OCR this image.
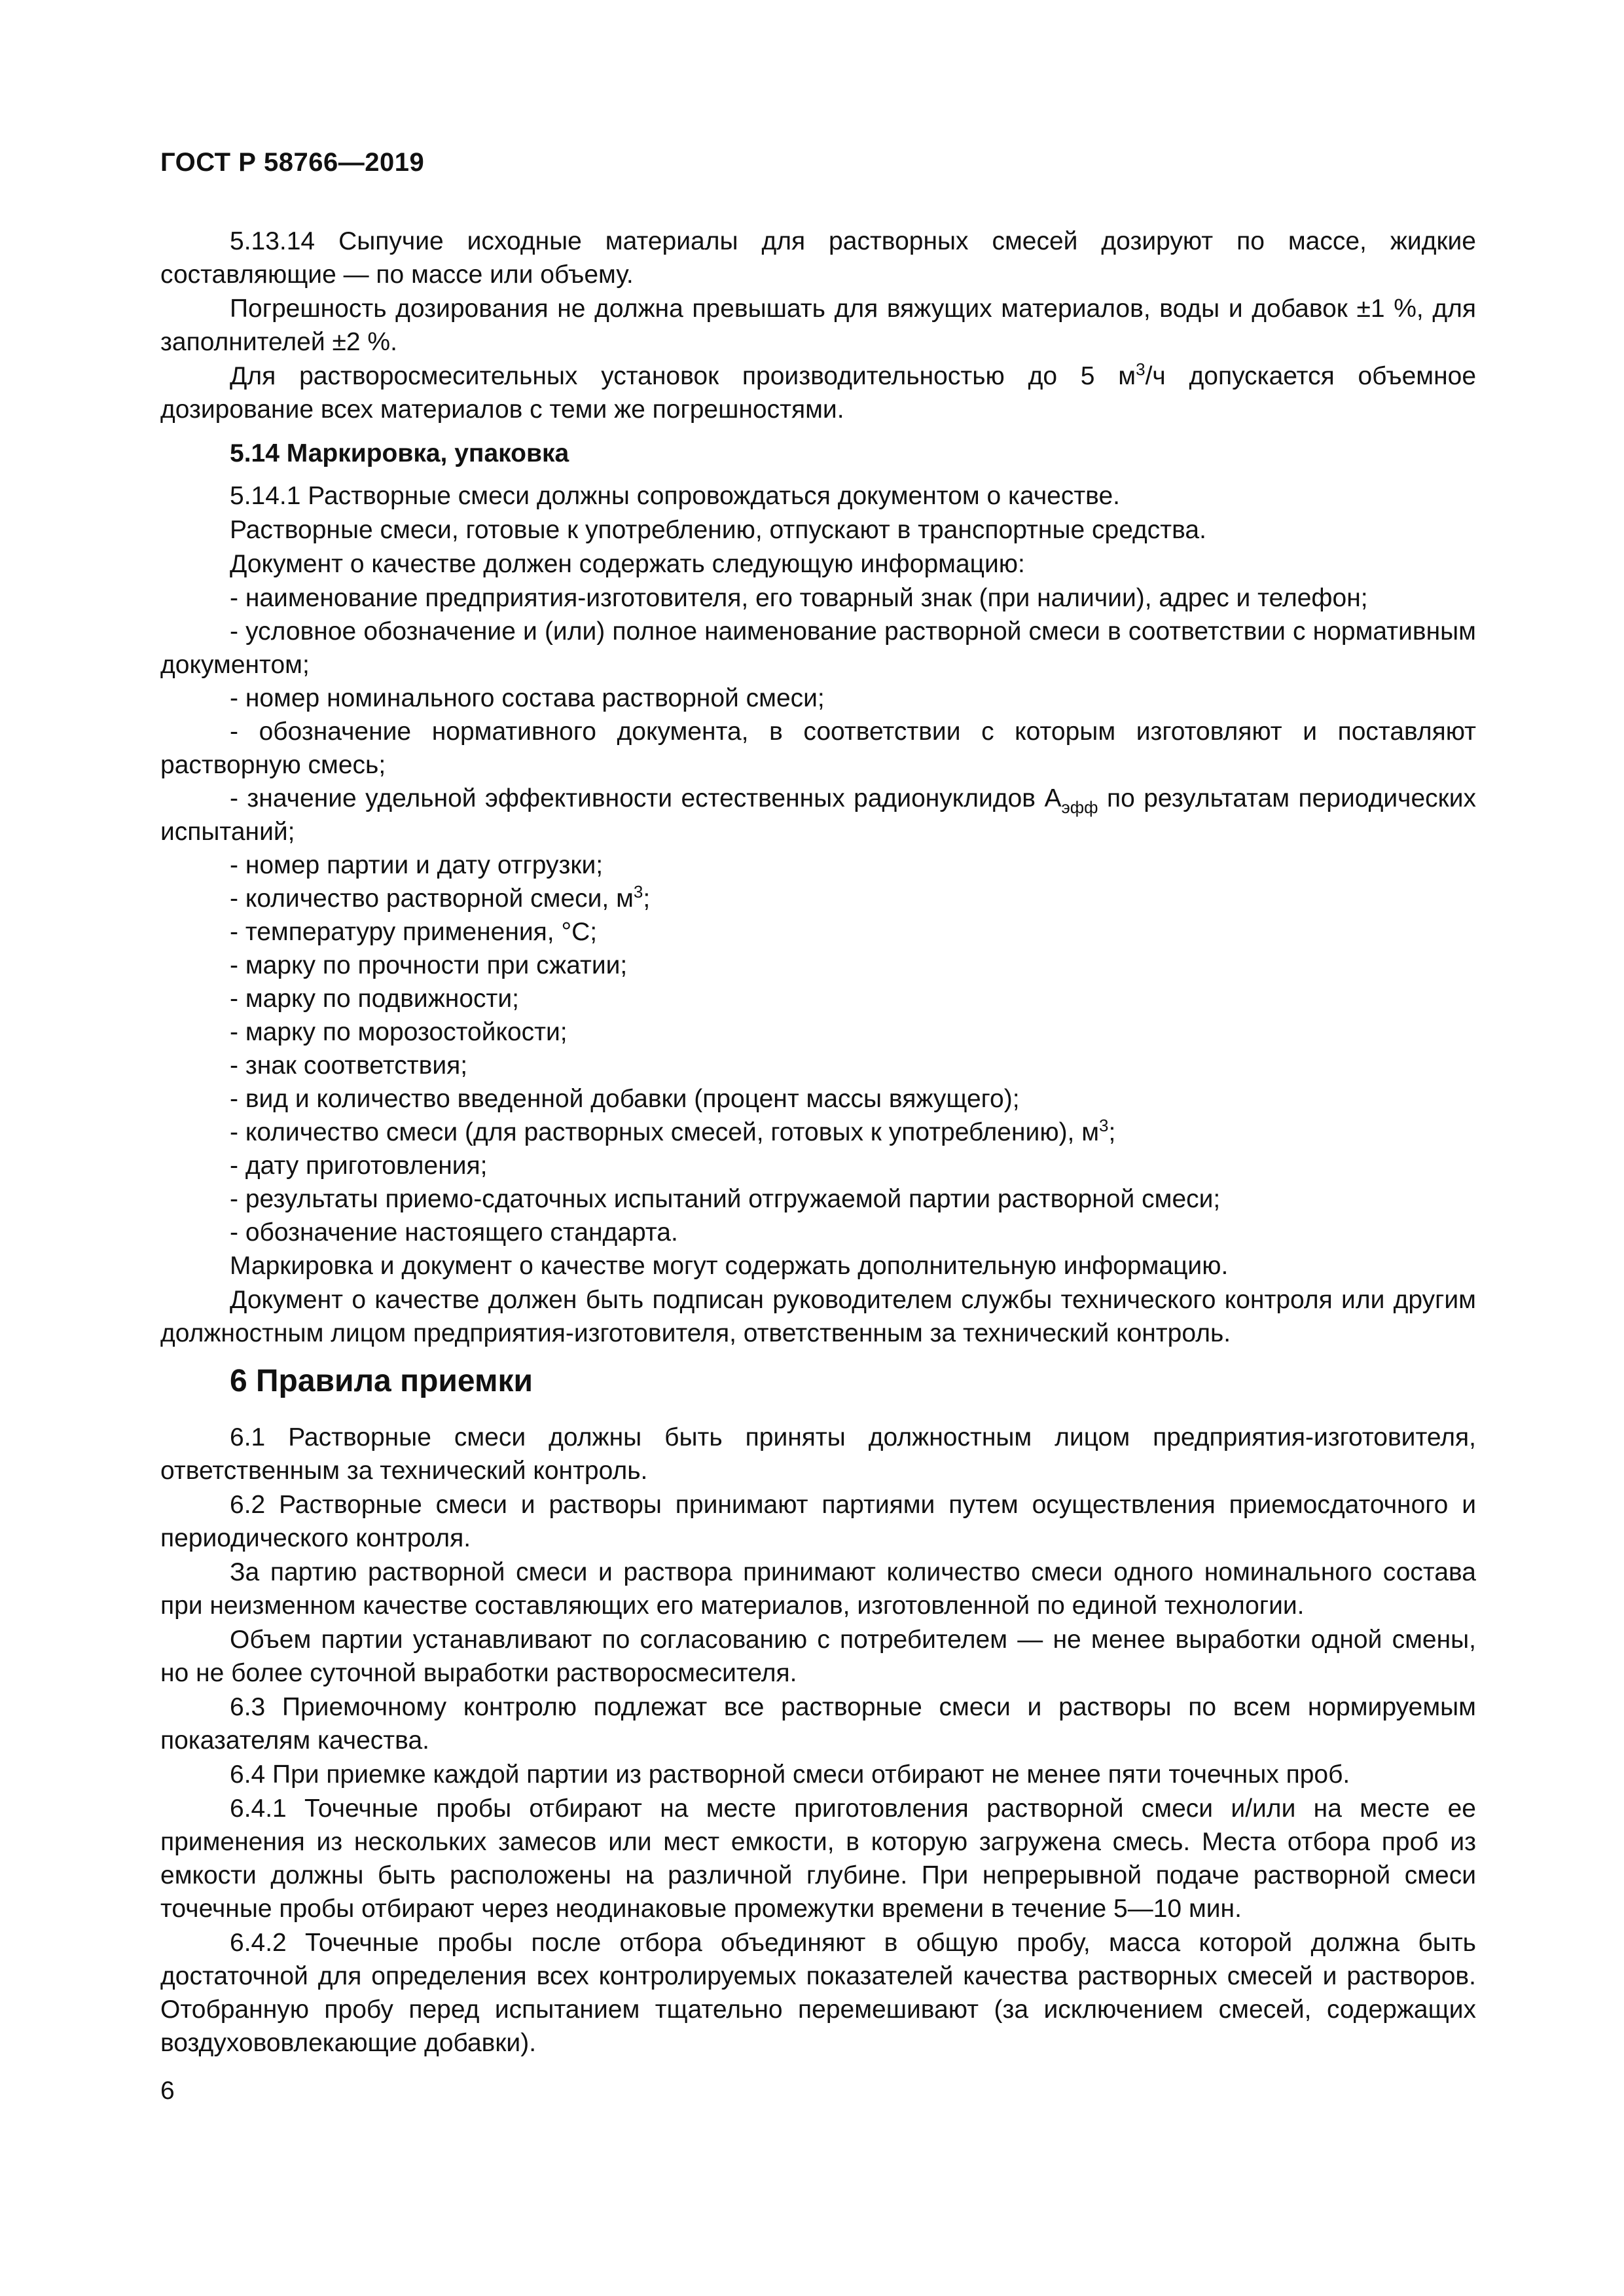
ГОСТ Р 58766—2019

5.13.14 Сыпучие исходные материалы для растворных смесей дозируют по массе, жидкие составляющие — по массе или объему.

Погрешность дозирования не должна превышать для вяжущих материалов, воды и добавок ±1 %, для заполнителей ±2 %.

Для растворосмесительных установок производительностью до 5 $м^3/ч$ допускается объемное дозирование всех материалов с теми же погрешностями.

5.14 Маркировка, упаковка

5.14.1 Растворные смеси должны сопровождаться документом о качестве.

Растворные смеси, готовые к употреблению, отпускают в транспортные средства.

Документ о качестве должен содержать следующую информацию:

- наименование предприятия-изготовителя, его товарный знак (при наличии), адрес и телефон;

- условное обозначение и (или) полное наименование растворной смеси в соответствии с нормативным документом;

- номер номинального состава растворной смеси;

- обозначение нормативного документа, в соответствии с которым изготовляют и поставляют растворную смесь;

- значение удельной эффективности естественных радионуклидов $А_{эфф}$ по результатам периодических испытаний;

- номер партии и дату отгрузки;

- количество растворной смеси, $м^3$;

- температуру применения, °С;

- марку по прочности при сжатии;

- марку по подвижности;

- марку по морозостойкости;

- знак соответствия;

- вид и количество введенной добавки (процент массы вяжущего);

- количество смеси (для растворных смесей, готовых к употреблению), $м^3$;

- дату приготовления;

- результаты приемо-сдаточных испытаний отгружаемой партии растворной смеси;

- обозначение настоящего стандарта.

Маркировка и документ о качестве могут содержать дополнительную информацию.

Документ о качестве должен быть подписан руководителем службы технического контроля или другим должностным лицом предприятия-изготовителя, ответственным за технический контроль.

6 Правила приемки

6.1 Растворные смеси должны быть приняты должностным лицом предприятия-изготовителя, ответственным за технический контроль.

6.2 Растворные смеси и растворы принимают партиями путем осуществления приемосдаточного и периодического контроля.

За партию растворной смеси и раствора принимают количество смеси одного номинального состава при неизменном качестве составляющих его материалов, изготовленной по единой технологии.

Объем партии устанавливают по согласованию с потребителем — не менее выработки одной смены, но не более суточной выработки растворосмесителя.

6.3 Приемочному контролю подлежат все растворные смеси и растворы по всем нормируемым показателям качества.

6.4 При приемке каждой партии из растворной смеси отбирают не менее пяти точечных проб.

6.4.1 Точечные пробы отбирают на месте приготовления растворной смеси и/или на месте ее применения из нескольких замесов или мест емкости, в которую загружена смесь. Места отбора проб из емкости должны быть расположены на различной глубине. При непрерывной подаче растворной смеси точечные пробы отбирают через неодинаковые промежутки времени в течение 5—10 мин.

6.4.2 Точечные пробы после отбора объединяют в общую пробу, масса которой должна быть достаточной для определения всех контролируемых показателей качества растворных смесей и растворов. Отобранную пробу перед испытанием тщательно перемешивают (за исключением смесей, содержащих воздухововлекающие добавки).

6
